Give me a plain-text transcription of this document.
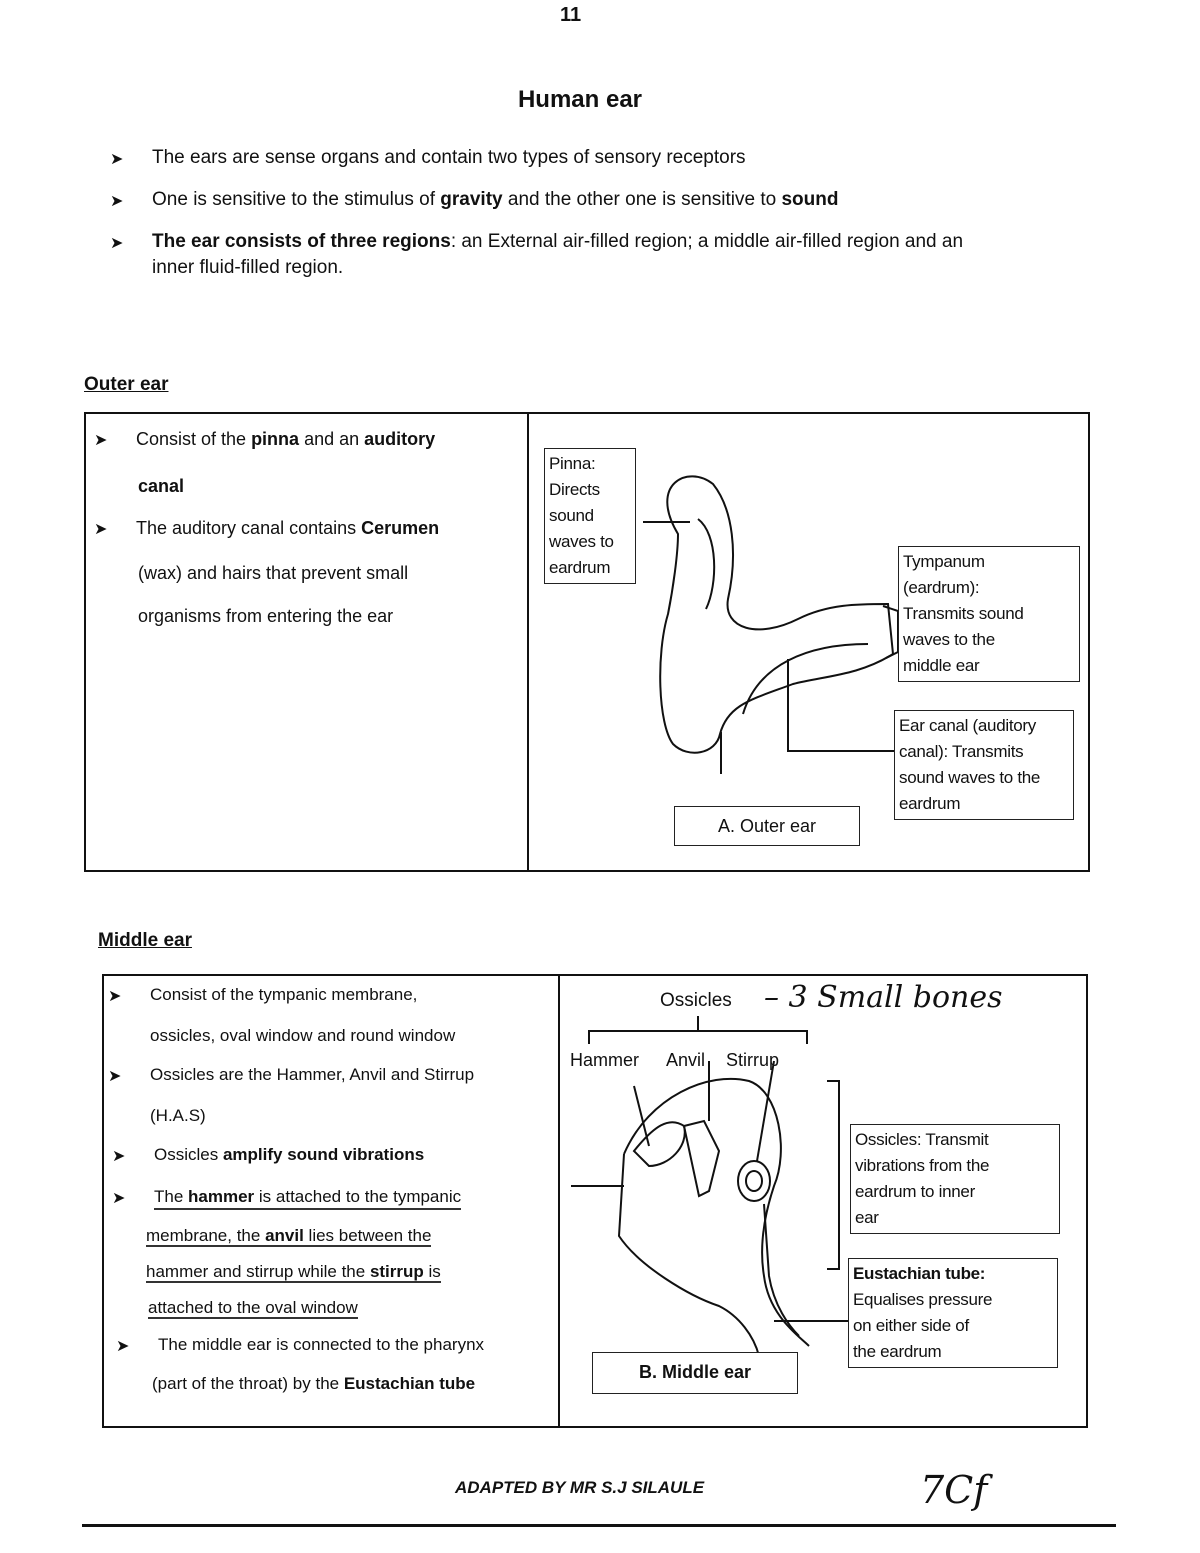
11
Human ear
➤	The ears are sense organs and contain two types of sensory receptors
➤	One is sensitive to the stimulus of gravity and the other one is sensitive to sound
➤	The ear consists of three regions: an External air-filled region; a middle air-filled region and an
inner fluid-filled region.
Outer ear
➤	Consist of the pinna and an auditory
canal
➤	The auditory canal contains Cerumen
(wax) and hairs that prevent small
organisms from entering the ear
Pinna:
Directs
sound
waves to
eardrum	Tympanum
(eardrum):
Transmits sound
waves to the
middle ear
Ear canal (auditory
canal): Transmits
sound waves to the
eardrum
A. Outer ear
Middle ear
➤	Consist of the tympanic membrane,
ossicles, oval window and round window
➤	Ossicles are the Hammer, Anvil and Stirrup
(H.A.S)
➤	Ossicles amplify sound vibrations
➤	The hammer is attached to the tympanic
membrane, the anvil lies between the
hammer and stirrup while the stirrup is
attached to the oval window
➤	The middle ear is connected to the pharynx
(part of the throat) by the Eustachian tube
Ossicles – 3 Small bones
Hammer Anvil Stirrup
Ossicles: Transmit
vibrations from the
eardrum to inner
ear
Eustachian tube:
Equalises pressure
on either side of
the eardrum
B. Middle ear
ADAPTED BY MR S.J SILAULE	7Cf
